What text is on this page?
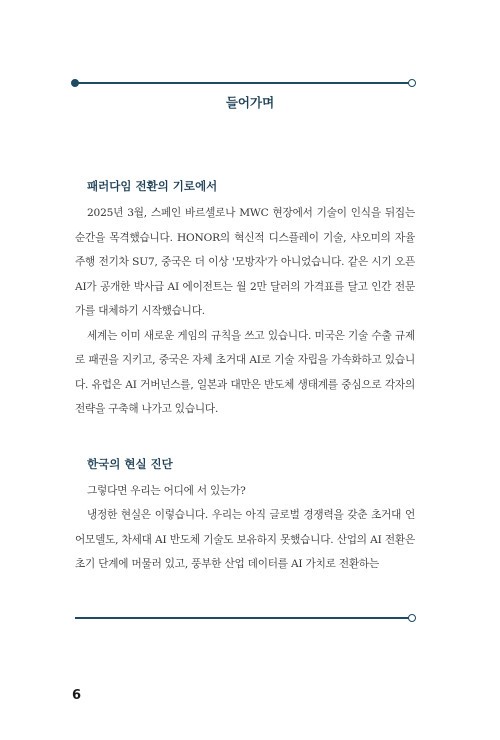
들어가며
패러다임 전환의 기로에서

2025년 3월, 스페인 바르셀로나 MWC 현장에서 기술이 인식을 뒤집는 순간을 목격했습니다. HONOR의 혁신적 디스플레이 기술, 샤오미의 자율주행 전기차 SU7, 중국은 더 이상 '모방자'가 아니었습니다. 같은 시기 오픈AI가 공개한 박사급 AI 에이전트는 월 2만 달러의 가격표를 달고 인간 전문가를 대체하기 시작했습니다.

세계는 이미 새로운 게임의 규칙을 쓰고 있습니다. 미국은 기술 수출 규제로 패권을 지키고, 중국은 자체 초거대 AI로 기술 자립을 가속화하고 있습니다. 유럽은 AI 거버넌스를, 일본과 대만은 반도체 생태계를 중심으로 각자의 전략을 구축해 나가고 있습니다.

한국의 현실 진단

그렇다면 우리는 어디에 서 있는가?

냉정한 현실은 이렇습니다. 우리는 아직 글로벌 경쟁력을 갖춘 초거대 언어모델도, 차세대 AI 반도체 기술도 보유하지 못했습니다. 산업의 AI 전환은 초기 단계에 머물러 있고, 풍부한 산업 데이터를 AI 가치로 전환하는

6
